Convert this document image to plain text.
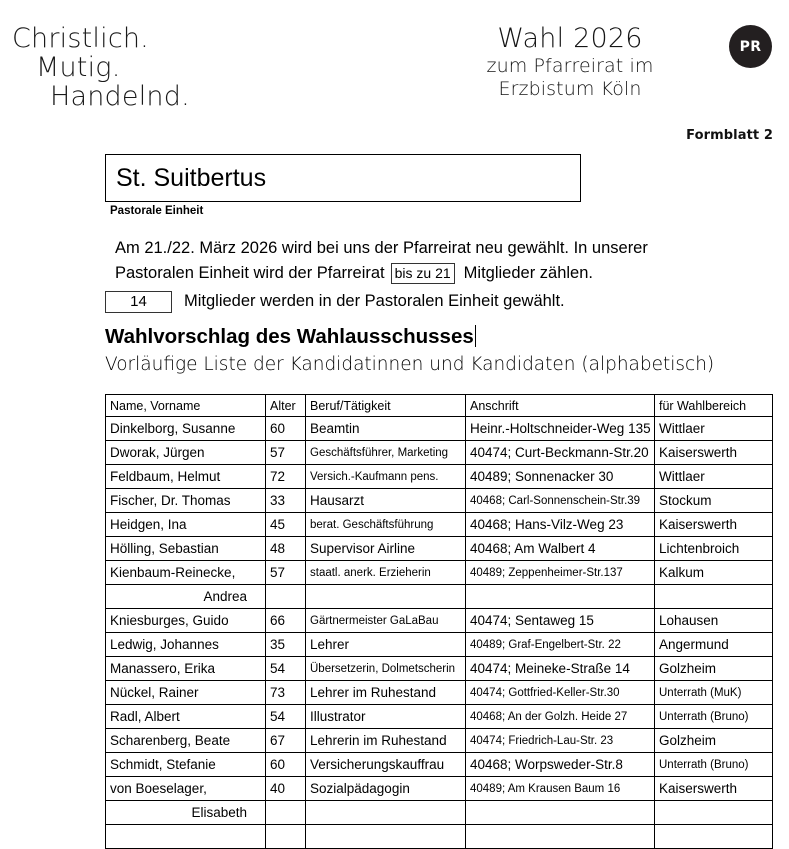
Christlich.
Mutig.
Handelnd.
Wahl 2026
zum Pfarreirat im
Erzbistum Köln
PR
Formblatt 2
St. Suitbertus
Pastorale Einheit
Am 21./22. März 2026 wird bei uns der Pfarreirat neu gewählt. In unserer
Pastoralen Einheit wird der Pfarreirat bis zu 21 Mitglieder zählen.
14	Mitglieder werden in der Pastoralen Einheit gewählt.
Wahlvorschlag des Wahlausschusses
Vorläufige Liste der Kandidatinnen und Kandidaten (alphabetisch)
Name, Vorname	Alter	Beruf/Tätigkeit	Anschrift	für Wahlbereich
Dinkelborg, Susanne	60	Beamtin	Heinr.-Holtschneider-Weg 135	Wittlaer
Dworak, Jürgen	57	Geschäftsführer, Marketing	40474; Curt-Beckmann-Str.20	Kaiserswerth
Feldbaum, Helmut	72	Versich.-Kaufmann pens.	40489; Sonnenacker 30	Wittlaer
Fischer, Dr. Thomas	33	Hausarzt	40468; Carl-Sonnenschein-Str.39	Stockum
Heidgen, Ina	45	berat. Geschäftsführung	40468; Hans-Vilz-Weg 23	Kaiserswerth
Hölling, Sebastian	48	Supervisor Airline	40468; Am Walbert 4	Lichtenbroich
Kienbaum-Reinecke,	57	staatl. anerk. Erzieherin	40489; Zeppenheimer-Str.137	Kalkum
Andrea				
Kniesburges, Guido	66	Gärtnermeister GaLaBau	40474; Sentaweg 15	Lohausen
Ledwig, Johannes	35	Lehrer	40489; Graf-Engelbert-Str. 22	Angermund
Manassero, Erika	54	Übersetzerin, Dolmetscherin	40474; Meineke-Straße 14	Golzheim
Nückel, Rainer	73	Lehrer im Ruhestand	40474; Gottfried-Keller-Str.30	Unterrath (MuK)
Radl, Albert	54	Illustrator	40468; An der Golzh. Heide 27	Unterrath (Bruno)
Scharenberg, Beate	67	Lehrerin im Ruhestand	40474; Friedrich-Lau-Str. 23	Golzheim
Schmidt, Stefanie	60	Versicherungskauffrau	40468; Worpsweder-Str.8	Unterrath (Bruno)
von Boeselager,	40	Sozialpädagogin	40489; Am Krausen Baum 16	Kaiserswerth
Elisabeth				
